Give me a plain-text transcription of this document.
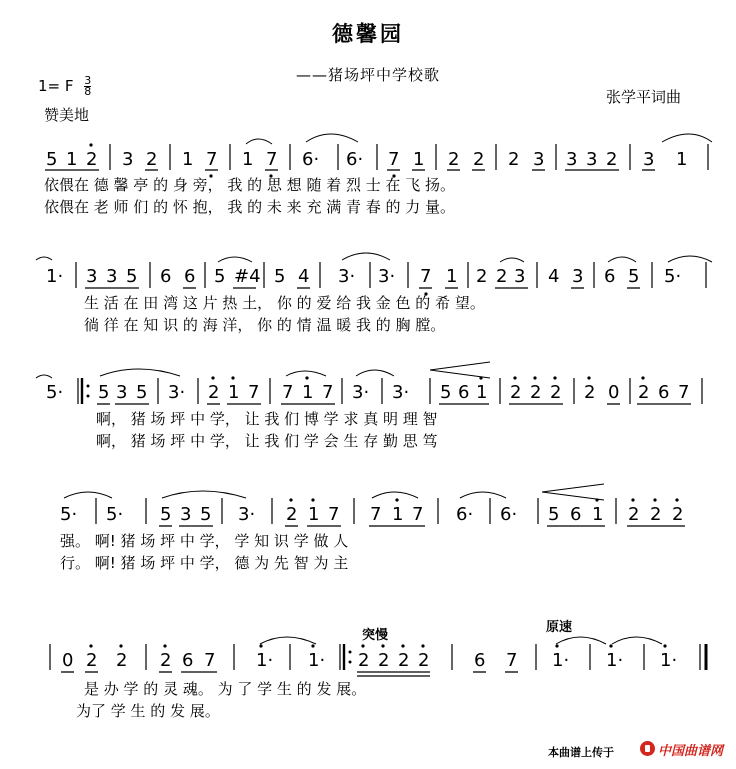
德馨园
——猪场坪中学校歌
1= F $\frac{3}{8}$
赞美地
张学平词曲
5 1 2 3 2 1 7 1 7 6· 6· 7 1 2 2 2 3 3 3 2 3 1
1· 3 3 5 6 6 5 #4 5 4 3· 3· 7 1 2 2 3 4 3 6 5 5·
5· 5 3 5 3· 2 1 7 7 1 7 3· 3· 5 6 1 2 2 2 2 0 2 6 7
5· 5· 5 3 5 3· 2 1 7 7 1 7 6· 6· 5 6 1 2 2 2
0 2 2 2 6 7 1· 1· 2 2 2 2 6 7 1· 1· 1·
依偎在 德 馨 亭 的 身 旁， 我 的 思 想 随 着 烈 士 在 飞 扬。
依偎在 老 师 们 的 怀 抱， 我 的 未 来 充 满 青 春 的 力 量。
生 活 在 田 湾 这 片 热 土， 你 的 爱 给 我 金 色 的 希 望。
徜 徉 在 知 识 的 海 洋， 你 的 情 温 暖 我 的 胸 膛。
啊， 猪 场 坪 中 学， 让 我 们 博 学 求 真 明 理 智
啊， 猪 场 坪 中 学， 让 我 们 学 会 生 存 勤 思 笃
强。 啊! 猪 场 坪 中 学， 学 知 识 学 做 人
行。 啊! 猪 场 坪 中 学， 德 为 先 智 为 主
是 办 学 的 灵 魂。 为 了 学 生 的 发 展。
为了 学 生 的 发 展。
突慢
原速
本曲谱上传于	中国曲谱网
